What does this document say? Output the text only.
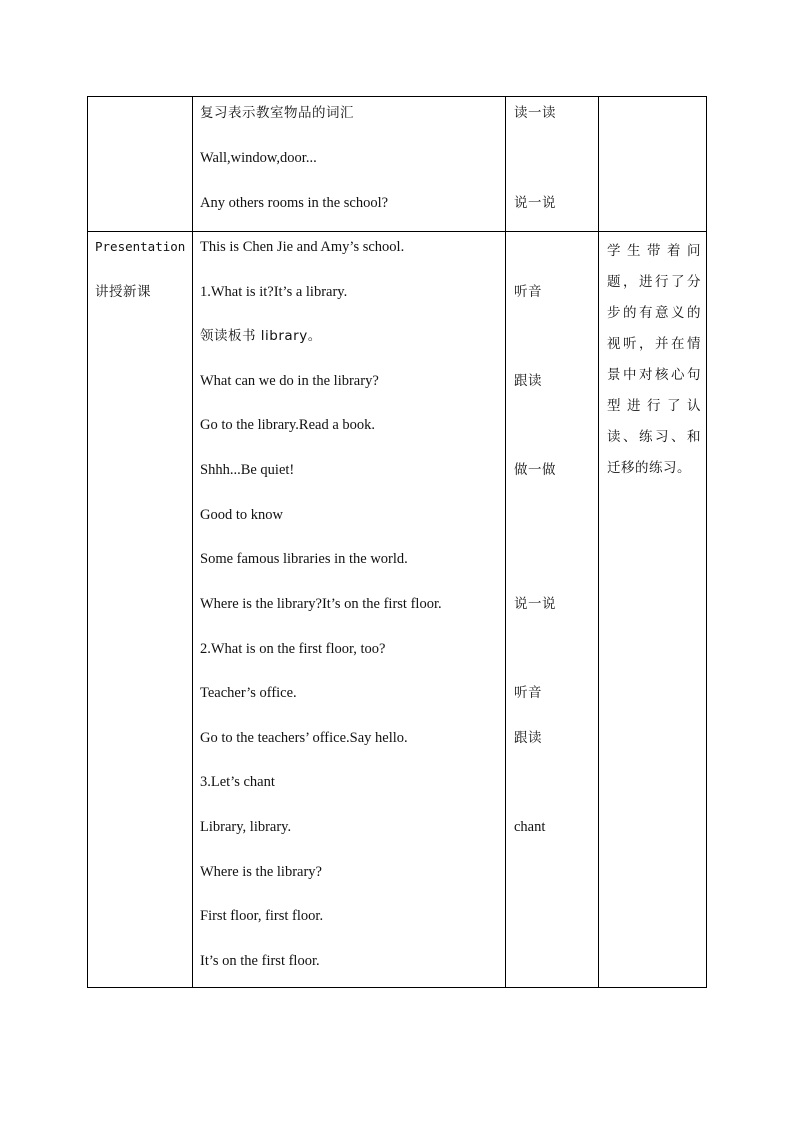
复习表示教室物品的词汇
Wall,window,door...
Any others rooms in the school?
读一读
说一说
Presentation
讲授新课
This is Chen Jie and Amy’s school.
1.What is it?It’s a library.
领读板书 library。
What can we do in the library?
Go to the library.Read a book.
Shhh...Be quiet!
Good to know
Some famous libraries in the world.
Where is the library?It’s on the first floor.
2.What is on the first floor, too?
Teacher’s office.
Go to the teachers’ office.Say hello.
3.Let’s chant
Library, library.
Where is the library?
First floor, first floor.
It’s on the first floor.
听音
跟读
做一做
说一说
听音
跟读
chant
学生带着问题，进行了分步的有意义的视听，并在情景中对核心句型进行了认读、练习、和迁移的练习。
